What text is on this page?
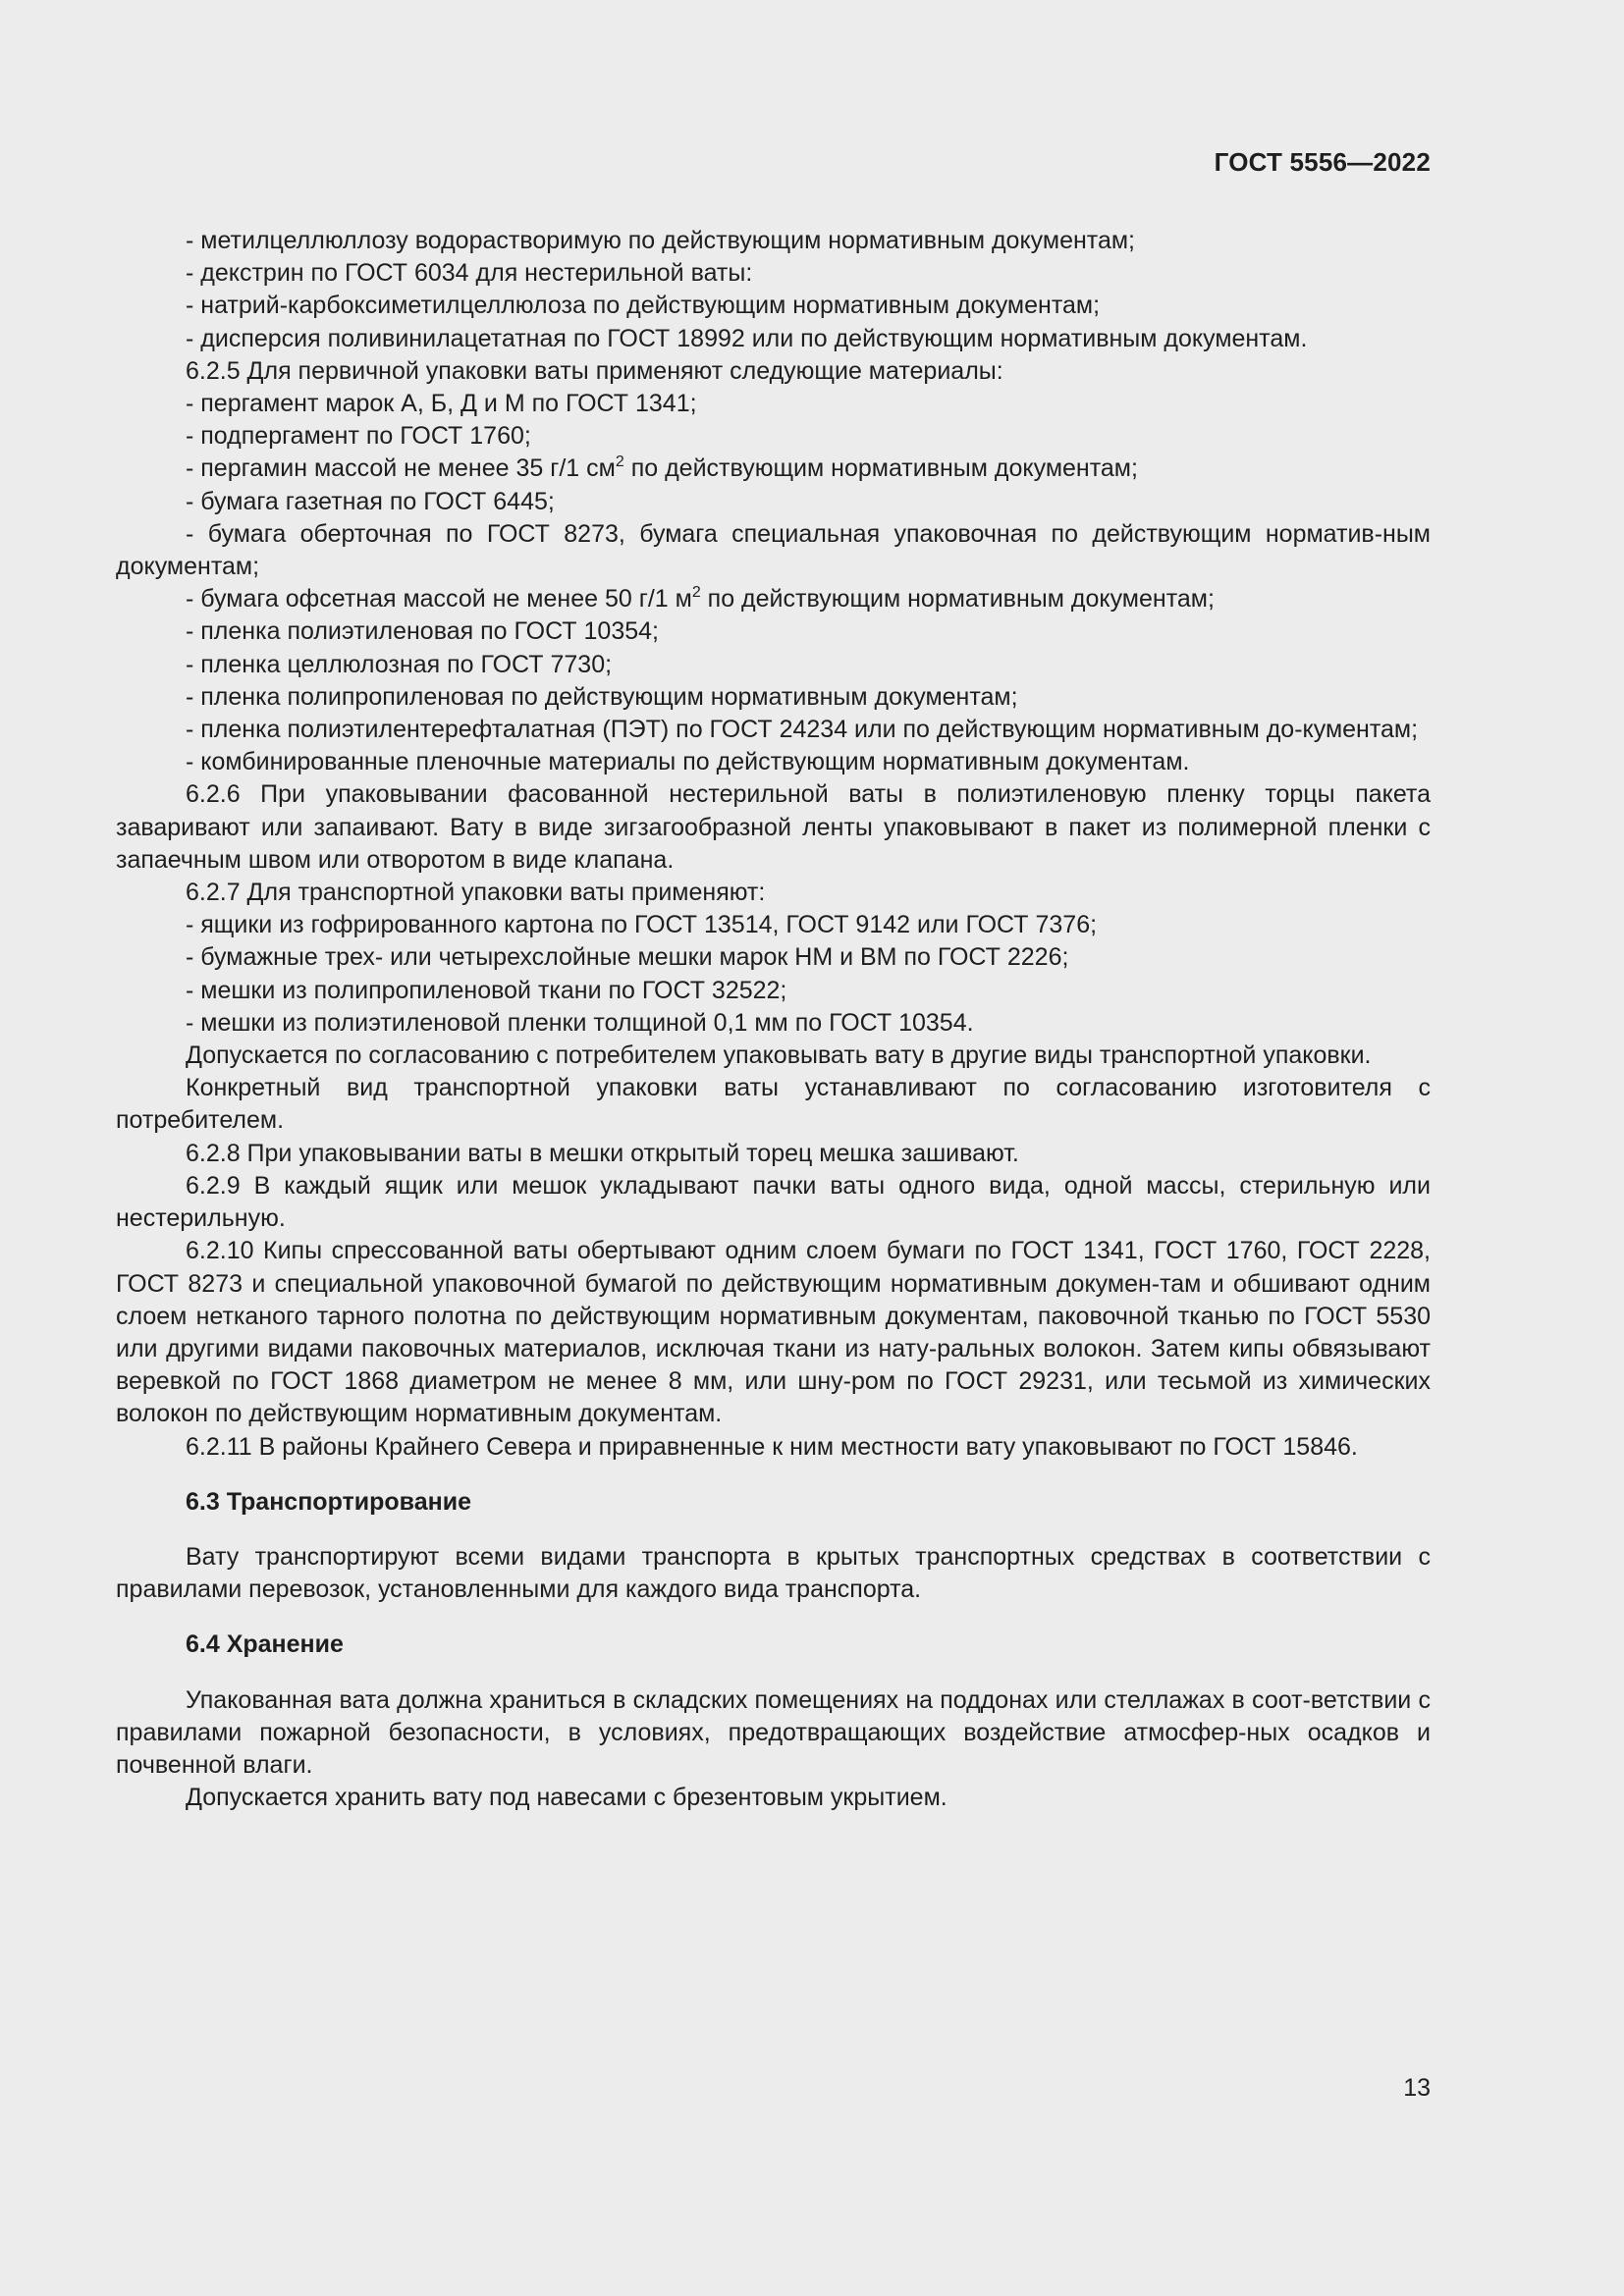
ГОСТ 5556—2022

- метилцеллюллозу водорастворимую по действующим нормативным документам;

- декстрин по ГОСТ 6034 для нестерильной ваты:

- натрий-карбоксиметилцеллюлоза по действующим нормативным документам;

- дисперсия поливинилацетатная по ГОСТ 18992 или по действующим нормативным документам.

6.2.5 Для первичной упаковки ваты применяют следующие материалы:

- пергамент марок А, Б, Д и М по ГОСТ 1341;

- подпергамент по ГОСТ 1760;

- пергамин массой не менее 35 г/1 $см^2$ по действующим нормативным документам;

- бумага газетная по ГОСТ 6445;

- бумага оберточная по ГОСТ 8273, бумага специальная упаковочная по действующим норматив-ным документам;

- бумага офсетная массой не менее 50 г/1 $м^2$ по действующим нормативным документам;

- пленка полиэтиленовая по ГОСТ 10354;

- пленка целлюлозная по ГОСТ 7730;

- пленка полипропиленовая по действующим нормативным документам;

- пленка полиэтилентерефталатная (ПЭТ) по ГОСТ 24234 или по действующим нормативным до-кументам;

- комбинированные пленочные материалы по действующим нормативным документам.

6.2.6 При упаковывании фасованной нестерильной ваты в полиэтиленовую пленку торцы пакета заваривают или запаивают. Вату в виде зигзагообразной ленты упаковывают в пакет из полимерной пленки с запаечным швом или отворотом в виде клапана.

6.2.7 Для транспортной упаковки ваты применяют:

- ящики из гофрированного картона по ГОСТ 13514, ГОСТ 9142 или ГОСТ 7376;

- бумажные трех- или четырехслойные мешки марок НМ и ВМ по ГОСТ 2226;

- мешки из полипропиленовой ткани по ГОСТ 32522;

- мешки из полиэтиленовой пленки толщиной 0,1 мм по ГОСТ 10354.

Допускается по согласованию с потребителем упаковывать вату в другие виды транспортной упаковки.

Конкретный вид транспортной упаковки ваты устанавливают по согласованию изготовителя с потребителем.

6.2.8 При упаковывании ваты в мешки открытый торец мешка зашивают.

6.2.9 В каждый ящик или мешок укладывают пачки ваты одного вида, одной массы, стерильную или нестерильную.

6.2.10 Кипы спрессованной ваты обертывают одним слоем бумаги по ГОСТ 1341, ГОСТ 1760, ГОСТ 2228, ГОСТ 8273 и специальной упаковочной бумагой по действующим нормативным докумен-там и обшивают одним слоем нетканого тарного полотна по действующим нормативным документам, паковочной тканью по ГОСТ 5530 или другими видами паковочных материалов, исключая ткани из нату-ральных волокон. Затем кипы обвязывают веревкой по ГОСТ 1868 диаметром не менее 8 мм, или шну-ром по ГОСТ 29231, или тесьмой из химических волокон по действующим нормативным документам.

6.2.11 В районы Крайнего Севера и приравненные к ним местности вату упаковывают по ГОСТ 15846.

6.3 Транспортирование

Вату транспортируют всеми видами транспорта в крытых транспортных средствах в соответствии с правилами перевозок, установленными для каждого вида транспорта.

6.4 Хранение

Упакованная вата должна храниться в складских помещениях на поддонах или стеллажах в соот-ветствии с правилами пожарной безопасности, в условиях, предотвращающих воздействие атмосфер-ных осадков и почвенной влаги.

Допускается хранить вату под навесами с брезентовым укрытием.

13
